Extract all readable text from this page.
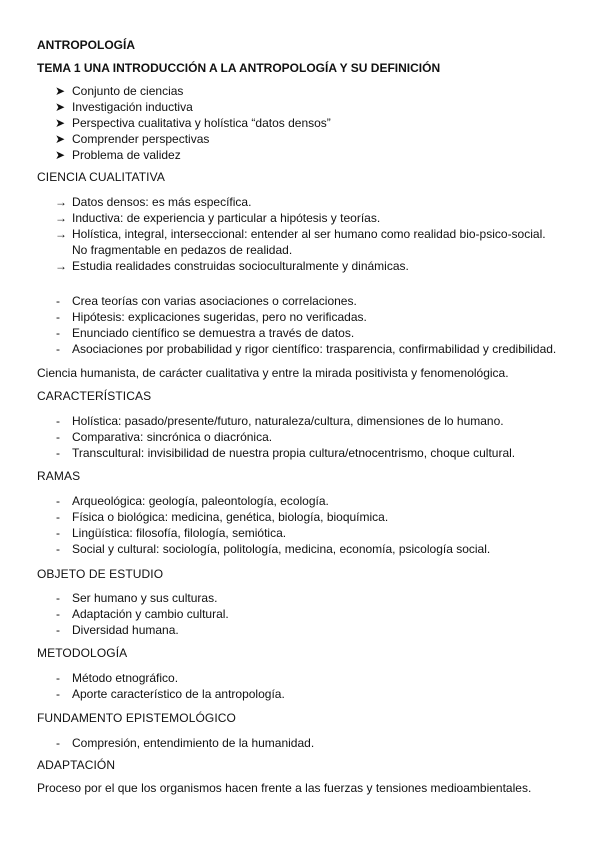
ANTROPOLOGÍA
TEMA 1 UNA INTRODUCCIÓN A LA ANTROPOLOGÍA Y SU DEFINICIÓN
➤ Conjunto de ciencias
➤ Investigación inductiva
➤ Perspectiva cualitativa y holística “datos densos”
➤ Comprender perspectivas
➤ Problema de validez
CIENCIA CUALITATIVA
→ Datos densos: es más específica.
→ Inductiva: de experiencia y particular a hipótesis y teorías.
→ Holística, integral, interseccional: entender al ser humano como realidad bio-psico-social.
No fragmentable en pedazos de realidad.
→ Estudia realidades construidas socioculturalmente y dinámicas.
-	Crea teorías con varias asociaciones o correlaciones.
-	Hipótesis: explicaciones sugeridas, pero no verificadas.
-	Enunciado científico se demuestra a través de datos.
-	Asociaciones por probabilidad y rigor científico: trasparencia, confirmabilidad y credibilidad.
Ciencia humanista, de carácter cualitativa y entre la mirada positivista y fenomenológica.
CARACTERÍSTICAS
-	Holística: pasado/presente/futuro, naturaleza/cultura, dimensiones de lo humano.
-	Comparativa: sincrónica o diacrónica.
-	Transcultural: invisibilidad de nuestra propia cultura/etnocentrismo, choque cultural.
RAMAS
-	Arqueológica: geología, paleontología, ecología.
-	Física o biológica: medicina, genética, biología, bioquímica.
-	Lingüística: filosofía, filología, semiótica.
-	Social y cultural: sociología, politología, medicina, economía, psicología social.
OBJETO DE ESTUDIO
-	Ser humano y sus culturas.
-	Adaptación y cambio cultural.
-	Diversidad humana.
METODOLOGÍA
-	Método etnográfico.
-	Aporte característico de la antropología.
FUNDAMENTO EPISTEMOLÓGICO
-	Compresión, entendimiento de la humanidad.
ADAPTACIÓN
Proceso por el que los organismos hacen frente a las fuerzas y tensiones medioambientales.
